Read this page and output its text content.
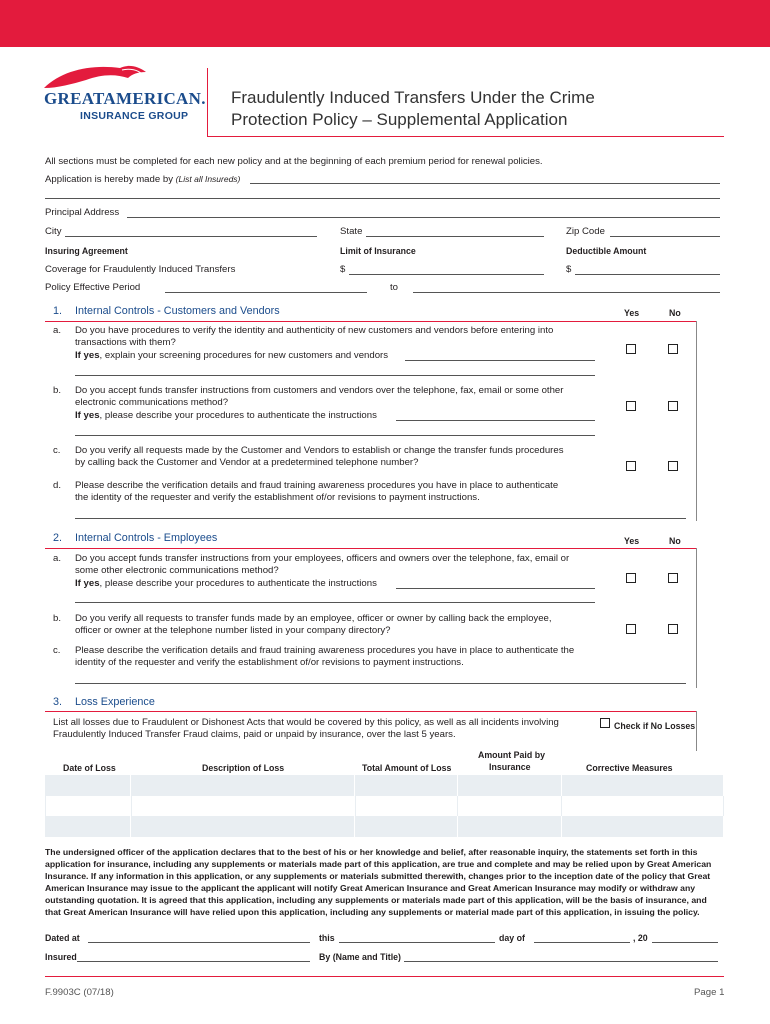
GREATAMERICAN.
INSURANCE GROUP
Fraudulently Induced Transfers Under the Crime
Protection Policy – Supplemental Application
All sections must be completed for each new policy and at the beginning of each premium period for renewal policies.
Application is hereby made by (List all Insureds)
Principal Address
City	State	Zip Code
Insuring Agreement	Limit of Insurance	Deductible Amount
Coverage for Fraudulently Induced Transfers	$	$
Policy Effective Period	to
1. Internal Controls - Customers and Vendors	Yes	No
a. Do you have procedures to verify the identity and authenticity of new customers and vendors before entering into
transactions with them?
If yes, explain your screening procedures for new customers and vendors
b. Do you accept funds transfer instructions from customers and vendors over the telephone, fax, email or some other
electronic communications method?
If yes, please describe your procedures to authenticate the instructions
c. Do you verify all requests made by the Customer and Vendors to establish or change the transfer funds procedures
by calling back the Customer and Vendor at a predetermined telephone number?
d. Please describe the verification details and fraud training awareness procedures you have in place to authenticate
the identity of the requester and verify the establishment of/or revisions to payment instructions.
2. Internal Controls - Employees	Yes	No
a. Do you accept funds transfer instructions from your employees, officers and owners over the telephone, fax, email or
some other electronic communications method?
If yes, please describe your procedures to authenticate the instructions
b. Do you verify all requests to transfer funds made by an employee, officer or owner by calling back the employee,
officer or owner at the telephone number listed in your company directory?
c. Please describe the verification details and fraud training awareness procedures you have in place to authenticate the
identity of the requester and verify the establishment of/or revisions to payment instructions.
3. Loss Experience
List all losses due to Fraudulent or Dishonest Acts that would be covered by this policy, as well as all incidents involving
Fraudulently Induced Transfer Fraud claims, paid or unpaid by insurance, over the last 5 years.
Check if No Losses
Date of Loss	Description of Loss	Total Amount of Loss
Amount Paid by
Insurance	Corrective Measures
The undersigned officer of the application declares that to the best of his or her knowledge and belief, after reasonable inquiry, the statements set forth in this
application for insurance, including any supplements or materials made part of this application, are true and complete and may be relied upon by Great American
Insurance. If any information in this application, or any supplements or materials submitted therewith, changes prior to the inception date of the policy that Great
American Insurance may issue to the applicant the applicant will notify Great American Insurance and Great American Insurance may modify or withdraw any
outstanding quotation. It is agreed that this application, including any supplements or materials made part of this application, will be the basis of insurance, and
that Great American Insurance will have relied upon this application, including any supplements or material made part of this application, in issuing the policy.
Dated at	this	day of	, 20
Insured	By (Name and Title)
F.9903C (07/18)	Page 1
